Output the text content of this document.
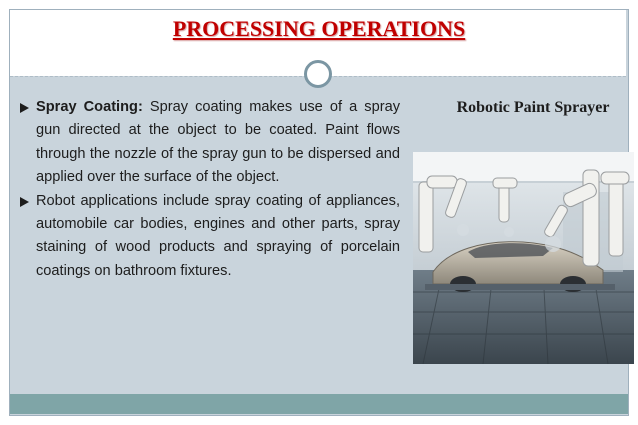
PROCESSING OPERATIONS
Spray Coating: Spray coating makes use of a spray gun directed at the object to be coated. Paint flows through the nozzle of the spray gun to be dispersed and applied over the surface of the object.
Robot applications include spray coating of appliances, automobile car bodies, engines and other parts, spray staining of wood products and spraying of porcelain coatings on bathroom fixtures.
Robotic Paint Sprayer
